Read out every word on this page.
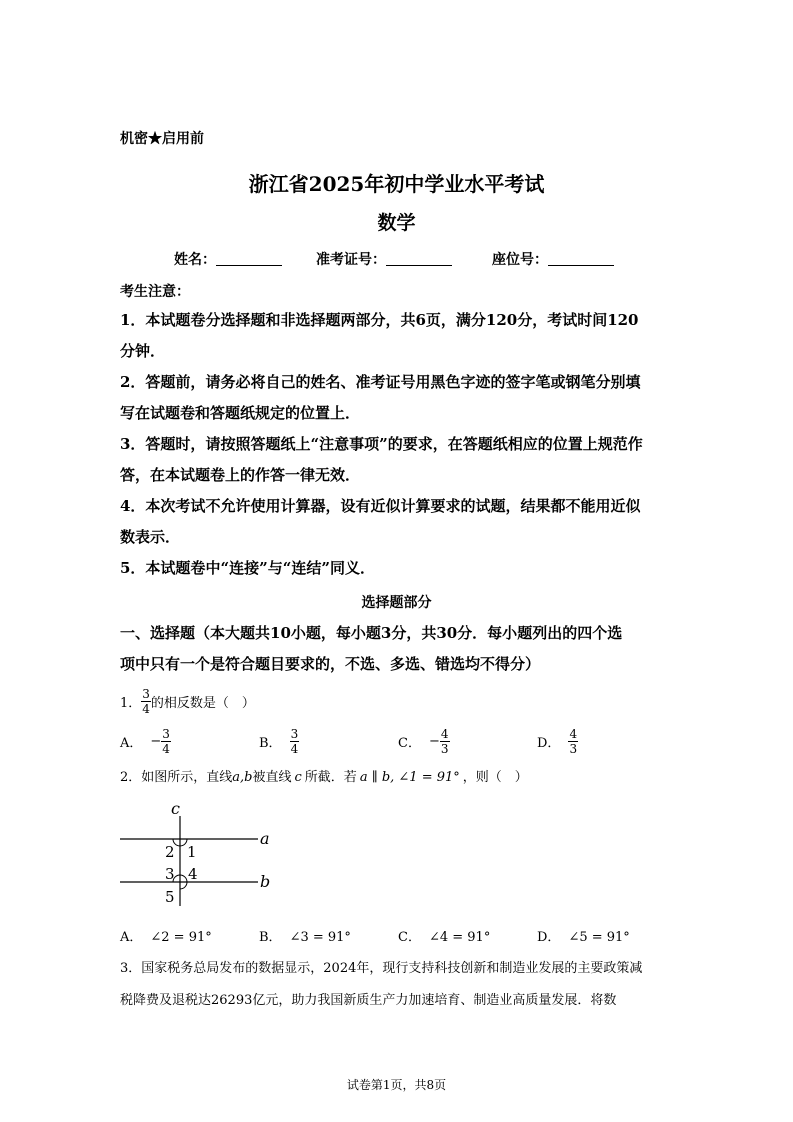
机密★启用前
浙江省2025年初中学业水平考试
数学
姓名：	准考证号：	座位号：
考生注意：
1．本试题卷分选择题和非选择题两部分，共6页，满分120分，考试时间120
分钟．
2．答题前，请务必将自己的姓名、准考证号用黑色字迹的签字笔或钢笔分别填
写在试题卷和答题纸规定的位置上．
3．答题时，请按照答题纸上“注意事项”的要求，在答题纸相应的位置上规范作
答，在本试题卷上的作答一律无效．
4．本次考试不允许使用计算器，设有近似计算要求的试题，结果都不能用近似
数表示．
5．本试题卷中“连接”与“连结”同义．
选择题部分
一、选择题（本大题共10小题，每小题3分，共30分．每小题列出的四个选
项中只有一个是符合题目要求的，不选、多选、错选均不得分）
1． $\frac{3}{4}$ 的相反数是（　）
A． − $\frac{3}{4}$	B． $\frac{3}{4}$	C． − $\frac{4}{3}$	D． $\frac{4}{3}$
2．如图所示，直线a,b被直线 c 所截．若 a ∥ b, ∠1 = 91° ，则（　）
c
a
b
1
2
3 4
5
A． ∠2 = 91°	B． ∠3 = 91°	C． ∠4 = 91°	D． ∠5 = 91°
3．国家税务总局发布的数据显示，2024年，现行支持科技创新和制造业发展的主要政策减
税降费及退税达26293亿元，助力我国新质生产力加速培育、制造业高质量发展．将数
试卷第1页，共8页
